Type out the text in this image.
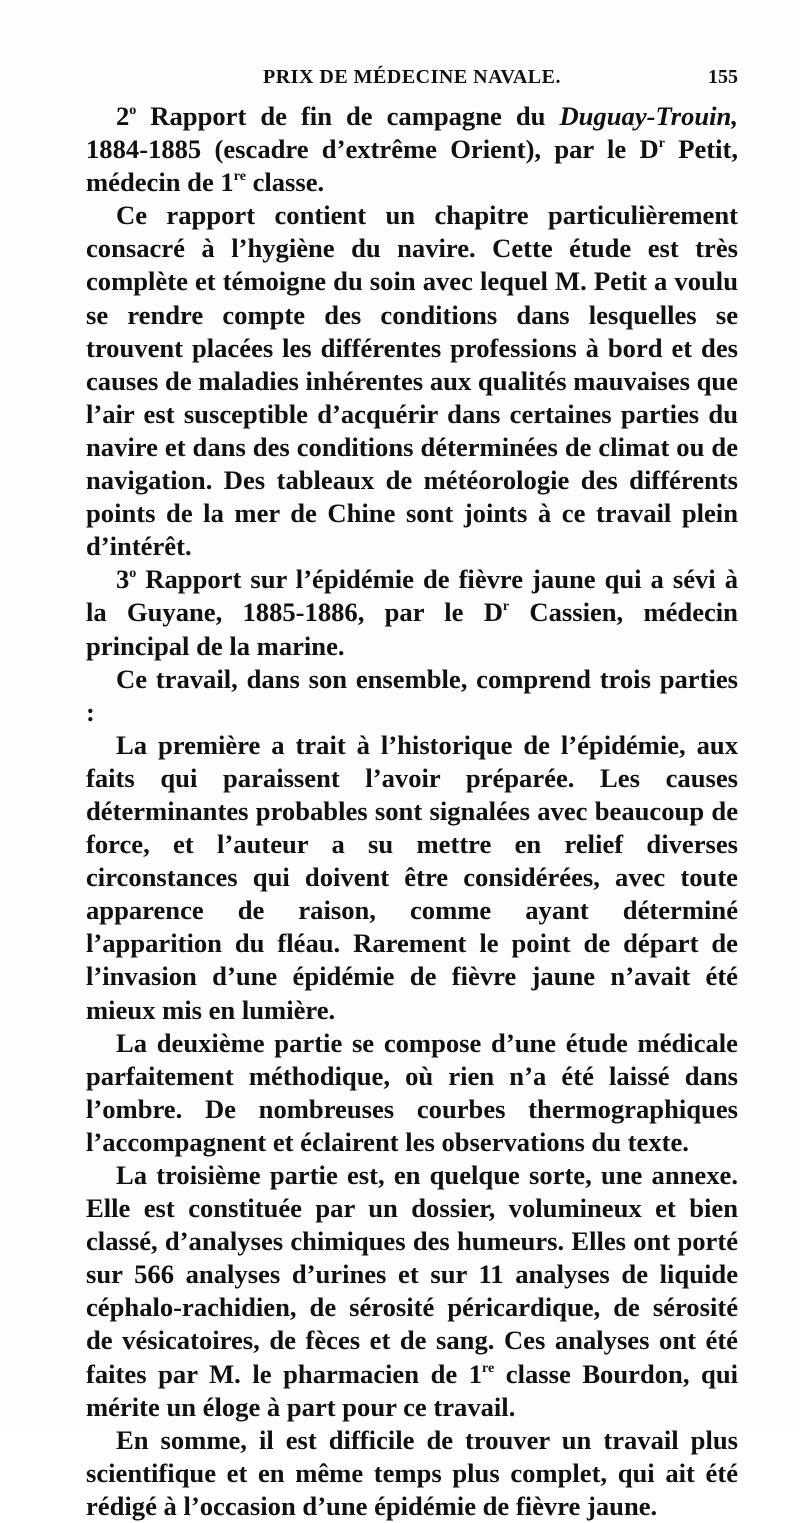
PRIX DE MÉDECINE NAVALE.	155

2$^o$ Rapport de fin de campagne du Duguay-Trouin, 1884-1885 (escadre d’extrême Orient), par le $D^r$ Petit, médecin de 1re classe.

Ce rapport contient un chapitre particulièrement consacré à l’hygiène du navire. Cette étude est très complète et témoigne du soin avec lequel M. Petit a voulu se rendre compte des conditions dans lesquelles se trouvent placées les différentes professions à bord et des causes de maladies inhérentes aux qualités mauvaises que l’air est susceptible d’acquérir dans certaines parties du navire et dans des conditions déterminées de climat ou de navigation. Des tableaux de météorologie des différents points de la mer de Chine sont joints à ce travail plein d’intérêt.

3$^o$ Rapport sur l’épidémie de fièvre jaune qui a sévi à la Guyane, 1885-1886, par le $D^r$ Cassien, médecin principal de la marine.

Ce travail, dans son ensemble, comprend trois parties :

La première a trait à l’historique de l’épidémie, aux faits qui paraissent l’avoir préparée. Les causes déterminantes probables sont signalées avec beaucoup de force, et l’auteur a su mettre en relief diverses circonstances qui doivent être considérées, avec toute apparence de raison, comme ayant déterminé l’apparition du fléau. Rarement le point de départ de l’invasion d’une épidémie de fièvre jaune n’avait été mieux mis en lumière.

La deuxième partie se compose d’une étude médicale parfaitement méthodique, où rien n’a été laissé dans l’ombre. De nombreuses courbes thermographiques l’accompagnent et éclairent les observations du texte.

La troisième partie est, en quelque sorte, une annexe. Elle est constituée par un dossier, volumineux et bien classé, d’analyses chimiques des humeurs. Elles ont porté sur 566 analyses d’urines et sur 11 analyses de liquide céphalo-rachidien, de sérosité péricardique, de sérosité de vésicatoires, de fèces et de sang. Ces analyses ont été faites par M. le pharmacien de 1re classe Bourdon, qui mérite un éloge à part pour ce travail.

En somme, il est difficile de trouver un travail plus scientifique et en même temps plus complet, qui ait été rédigé à l’occasion d’une épidémie de fièvre jaune.
